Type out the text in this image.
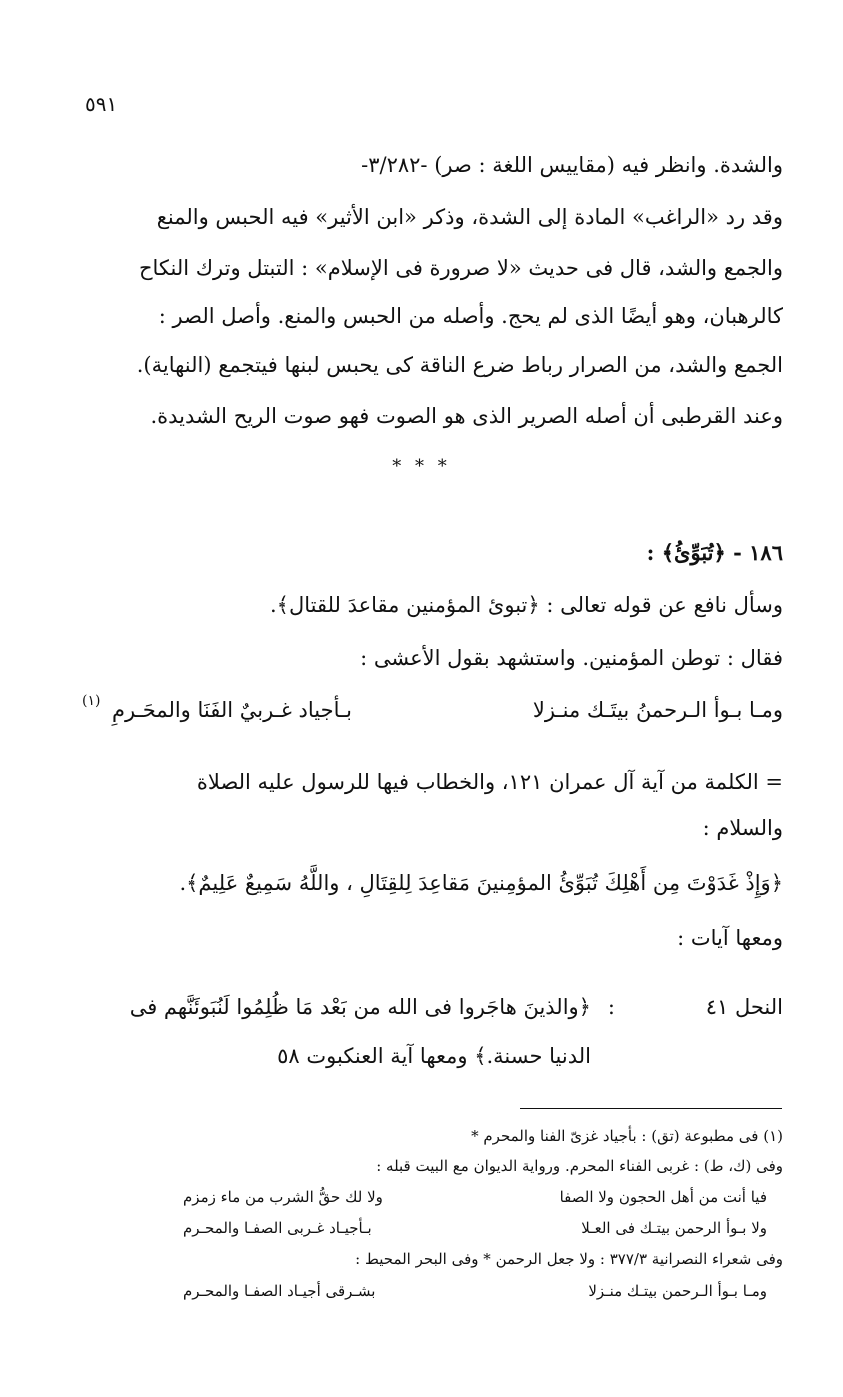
٥٩١
والشدة. وانظر فيه (مقاييس اللغة : صر) -٣/٢٨٢-
وقد رد «الراغب» المادة إلى الشدة، وذكر «ابن الأثير» فيه الحبس والمنع
والجمع والشد، قال فى حديث «لا صرورة فى الإسلام» : التبتل وترك النكاح
كالرهبان، وهو أيضًا الذى لم يحج. وأصله من الحبس والمنع. وأصل الصر :
الجمع والشد، من الصرار رباط ضرع الناقة كى يحبس لبنها فيتجمع (النهاية).
وعند القرطبى أن أصله الصرير الذى هو الصوت فهو صوت الريح الشديدة.
* * *
١٨٦ - ﴿تُبَوِّئُ﴾ :
وسأل نافع عن قوله تعالى : ﴿تبوئ المؤمنين مقاعدَ للقتال﴾.
فقال : توطن المؤمنين. واستشهد بقول الأعشى :
ومـا بـوأ الـرحمنُ بيتَـك منـزلا
بـأجياد غـربيٌ الفَنَا والمحَـرمِ
(١)
= الكلمة من آية آل عمران ١٢١، والخطاب فيها للرسول عليه الصلاة
والسلام :
﴿وَإِذْ غَدَوْتَ مِن أَهْلِكَ تُبَوِّئُ المؤمِنينَ مَقاعِدَ لِلقِتَالِ ، واللَّهُ سَمِيعٌ عَلِيمٌ﴾.
ومعها آيات :
النحل ٤١
:
﴿والذينَ هاجَروا فى الله من بَعْد مَا ظُلِمُوا لَنُبَوئَنَّهم فى
الدنيا حسنة.﴾ ومعها آية العنكبوت ٥٨
(١) فى مطبوعة (تق) : بأجياد غزىّ الفنا والمحرم *
وفى (ك، ط) : غربى الفناء المحرم. ورواية الديوان مع البيت قبله :
فيا أنت من أهل الحجون ولا الصفا
ولا لك حقُّ الشرب من ماء زمزم
ولا بـوأ الرحمن بيتـك فى العـلا
بـأجيـاد غـربى الصفـا والمحـرم
وفى شعراء النصرانية ٣٧٧/٣ : ولا جعل الرحمن * وفى البحر المحيط :
ومـا بـوأ الـرحمن بيتـك منـزلا
بشـرقى أجيـاد الصفـا والمحـرم
